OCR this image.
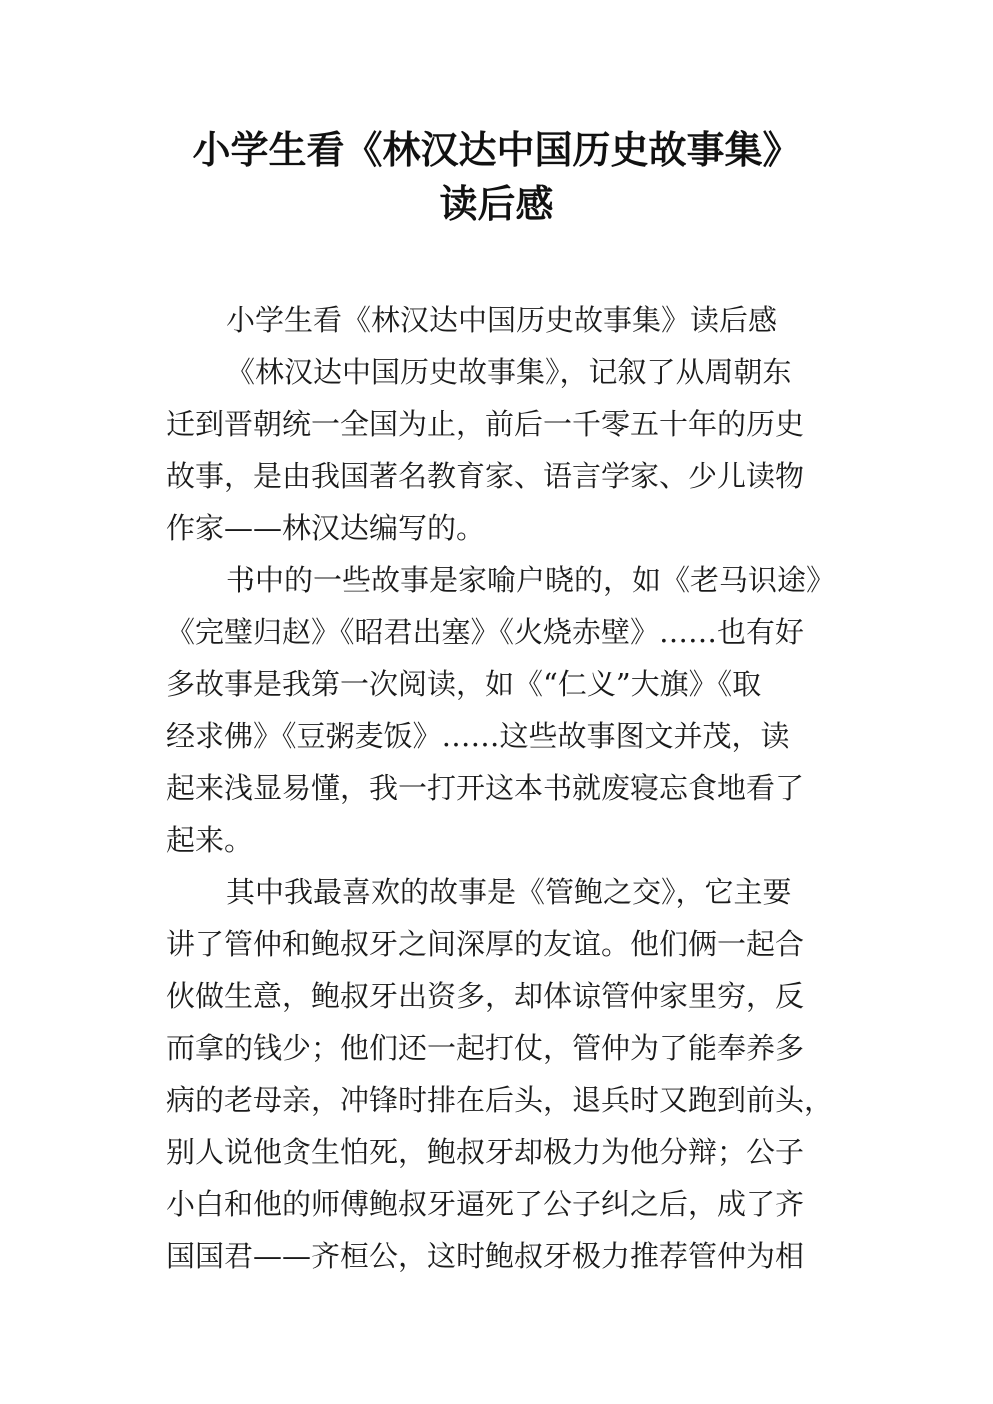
小学生看《林汉达中国历史故事集》
读后感
小学生看《林汉达中国历史故事集》读后感
《林汉达中国历史故事集》，记叙了从周朝东
迁到晋朝统一全国为止，前后一千零五十年的历史
故事，是由我国著名教育家、语言学家、少儿读物
作家——林汉达编写的。
书中的一些故事是家喻户晓的，如《老马识途》
《完璧归赵》《昭君出塞》《火烧赤壁》……也有好
多故事是我第一次阅读，如《“仁义”大旗》《取
经求佛》《豆粥麦饭》……这些故事图文并茂，读
起来浅显易懂，我一打开这本书就废寝忘食地看了
起来。
其中我最喜欢的故事是《管鲍之交》，它主要
讲了管仲和鲍叔牙之间深厚的友谊。他们俩一起合
伙做生意，鲍叔牙出资多，却体谅管仲家里穷，反
而拿的钱少；他们还一起打仗，管仲为了能奉养多
病的老母亲，冲锋时排在后头，退兵时又跑到前头，
别人说他贪生怕死，鲍叔牙却极力为他分辩；公子
小白和他的师傅鲍叔牙逼死了公子纠之后，成了齐
国国君——齐桓公，这时鲍叔牙极力推荐管仲为相
